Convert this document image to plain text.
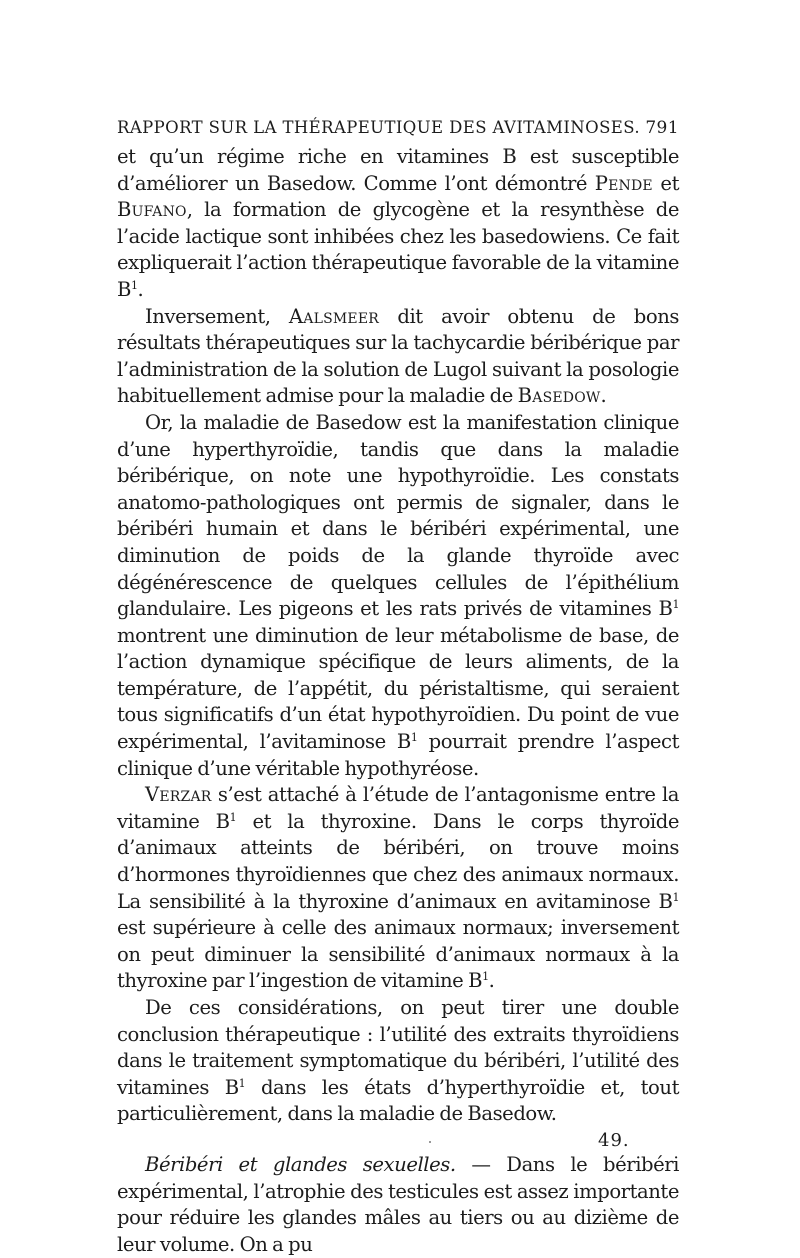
RAPPORT SUR LA THÉRAPEUTIQUE DES AVITAMINOSES. 791

et qu’un régime riche en vitamines B est susceptible d’améliorer un Basedow. Comme l’ont démontré Pende et Bufano, la formation de glycogène et la resynthèse de l’acide lactique sont inhibées chez les basedowiens. Ce fait expliquerait l’action thérapeutique favorable de la vitamine $B^1$.

Inversement, Aalsmeer dit avoir obtenu de bons résultats thérapeutiques sur la tachycardie béribérique par l’administration de la solution de Lugol suivant la posologie habituellement admise pour la maladie de Basedow.

Or, la maladie de Basedow est la manifestation clinique d’une hyperthyroïdie, tandis que dans la maladie béribérique, on note une hypothyroïdie. Les constats anatomo-pathologiques ont permis de signaler, dans le béribéri humain et dans le béribéri expérimental, une diminution de poids de la glande thyroïde avec dégénérescence de quelques cellules de l’épithélium glandulaire. Les pigeons et les rats privés de vitamines $B^1$ montrent une diminution de leur métabolisme de base, de l’action dynamique spécifique de leurs aliments, de la température, de l’appétit, du péristaltisme, qui seraient tous significatifs d’un état hypothyroïdien. Du point de vue expérimental, l’avitaminose $B^1$ pourrait prendre l’aspect clinique d’une véritable hypothyréose.

Verzar s’est attaché à l’étude de l’antagonisme entre la vitamine $B^1$ et la thyroxine. Dans le corps thyroïde d’animaux atteints de béribéri, on trouve moins d’hormones thyroïdiennes que chez des animaux normaux. La sensibilité à la thyroxine d’animaux en avitaminose $B^1$ est supérieure à celle des animaux normaux; inversement on peut diminuer la sensibilité d’animaux normaux à la thyroxine par l’ingestion de vitamine $B^1$.

De ces considérations, on peut tirer une double conclusion thérapeutique : l’utilité des extraits thyroïdiens dans le traitement symptomatique du béribéri, l’utilité des vitamines $B^1$ dans les états d’hyperthyroïdie et, tout particulièrement, dans la maladie de Basedow.

Béribéri et glandes sexuelles. — Dans le béribéri expérimental, l’atrophie des testicules est assez importante pour réduire les glandes mâles au tiers ou au dizième de leur volume. On a pu

49.
